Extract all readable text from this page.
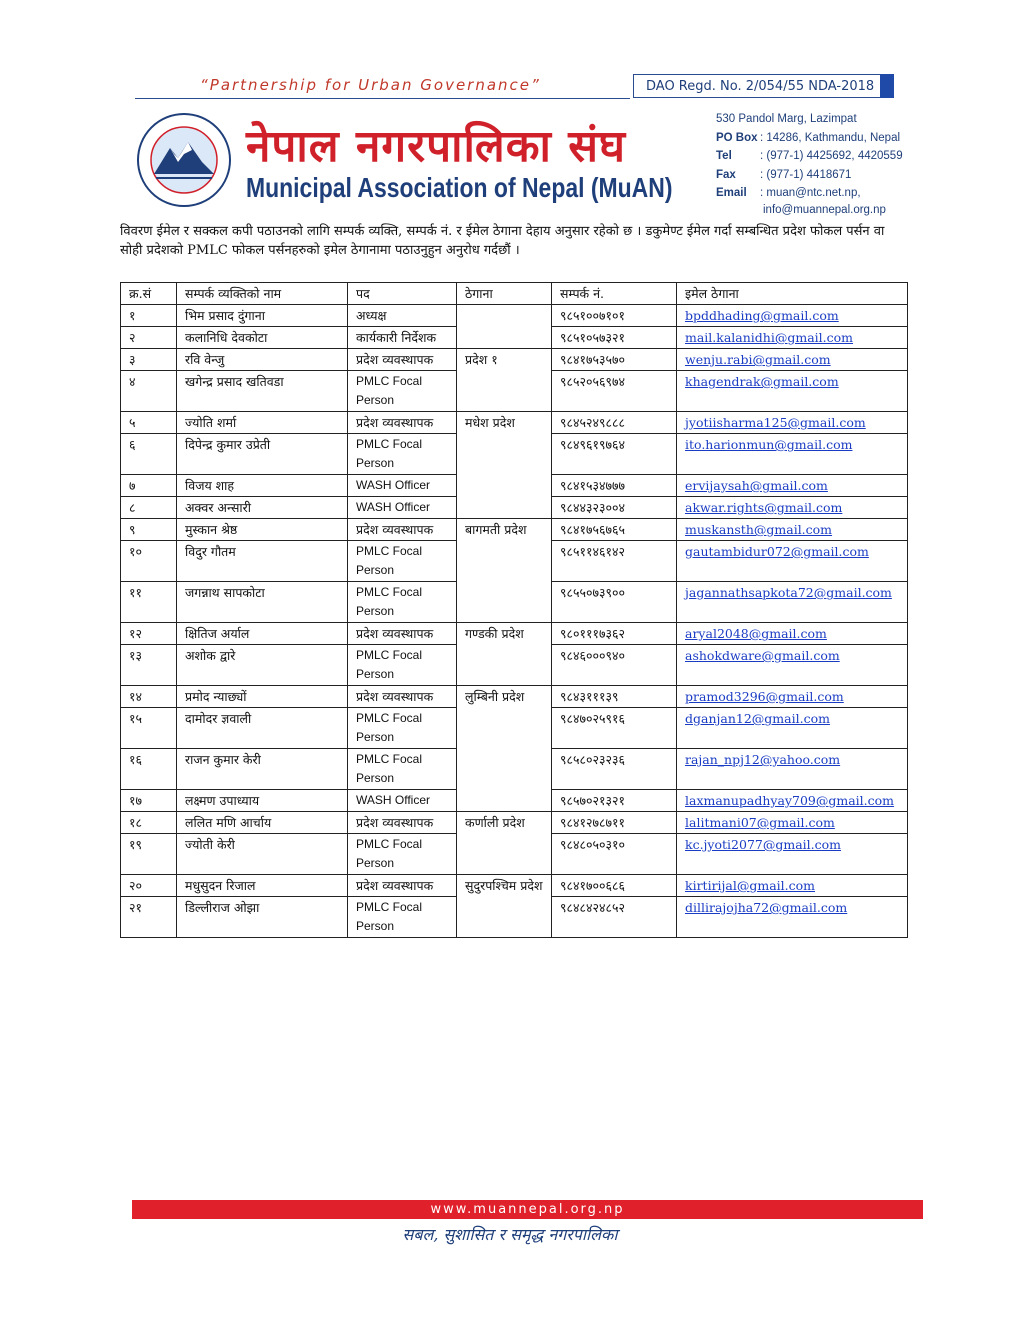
“Partnership for Urban Governance”	DAO Regd. No. 2/054/55 NDA-2018
नेपाल नगरपालिका संघ
Municipal Association of Nepal (MuAN)
530 Pandol Marg, Lazimpat
PO Box : 14286, Kathmandu, Nepal
Tel : (977-1) 4425692, 4420559
Fax : (977-1) 4418671
Email : muan@ntc.net.np,
info@muannepal.org.np
विवरण ईमेल र सक्कल कपी पठाउनको लागि सम्पर्क व्यक्ति, सम्पर्क नं. र ईमेल ठेगाना देहाय अनुसार रहेको छ । डकुमेण्ट ईमेल गर्दा सम्बन्धित प्रदेश फोकल पर्सन वा सोही प्रदेशको PMLC फोकल पर्सनहरुको इमेल ठेगानामा पठाउनुहुन अनुरोध गर्दछौं ।
क्र.सं	सम्पर्क व्यक्तिको नाम	पद	ठेगाना	सम्पर्क नं.	इमेल ठेगाना
१	भिम प्रसाद दुंगाना	अध्यक्ष		९८५१००७१०१	bpddhading@gmail.com
२	कलानिधि देवकोटा	कार्यकारी निर्देशक		९८५१०५७३२१	mail.kalanidhi@gmail.com
३	रवि वेन्जु	प्रदेश व्यवस्थापक	प्रदेश १	९८४१७५३५७०	wenju.rabi@gmail.com
४	खगेन्द्र प्रसाद खतिवडा	PMLC Focal Person		९८५२०५६९७४	khagendrak@gmail.com
५	ज्योति शर्मा	प्रदेश व्यवस्थापक	मधेश प्रदेश	९८४५२४९८८८	jyotiisharma125@gmail.com
६	दिपेन्द्र कुमार उप्रेती	PMLC Focal Person		९८४९६१९७६४	ito.harionmun@gmail.com
७	विजय शाह	WASH Officer		९८४१५३४७७७	ervijaysah@gmail.com
८	अक्वर अन्सारी	WASH Officer		९८४४३२३००४	akwar.rights@gmail.com
९	मुस्कान श्रेष्ठ	प्रदेश व्यवस्थापक	बागमती प्रदेश	९८४१७५६७६५	muskansth@gmail.com
१०	विदुर गौतम	PMLC Focal Person		९८५११४६१४२	gautambidur072@gmail.com
११	जगन्नाथ सापकोटा	PMLC Focal Person		९८५५०७३९००	jagannathsapkota72@gmail.com
१२	क्षितिज अर्याल	प्रदेश व्यवस्थापक	गण्डकी प्रदेश	९८०१११७३६२	aryal2048@gmail.com
१३	अशोक द्वारे	PMLC Focal Person		९८४६०००९४०	ashokdware@gmail.com
१४	प्रमोद न्याछ्यों	प्रदेश व्यवस्थापक	लुम्बिनी प्रदेश	९८४३१११३९	pramod3296@gmail.com
१५	दामोदर ज्ञवाली	PMLC Focal Person		९८४७०२५९१६	dganjan12@gmail.com
१६	राजन कुमार केरी	PMLC Focal Person		९८५८०२३२३६	rajan_npj12@yahoo.com
१७	लक्ष्मण उपाध्याय	WASH Officer		९८५७०२१३२१	laxmanupadhyay709@gmail.com
१८	ललित मणि आर्चाय	प्रदेश व्यवस्थापक	कर्णाली प्रदेश	९८४१२७८७११	lalitmani07@gmail.com
१९	ज्योती केरी	PMLC Focal Person		९८४८०५०३१०	kc.jyoti2077@gmail.com
२०	मधुसुदन रिजाल	प्रदेश व्यवस्थापक	सुदुरपश्चिम प्रदेश	९८४१७००६८६	kirtirijal@gmail.com
२१	डिल्लीराज ओझा	PMLC Focal Person		९८४८४२४८५२	dillirajojha72@gmail.com
www.muannepal.org.np
सबल, सुशासित र समृद्ध नगरपालिका
